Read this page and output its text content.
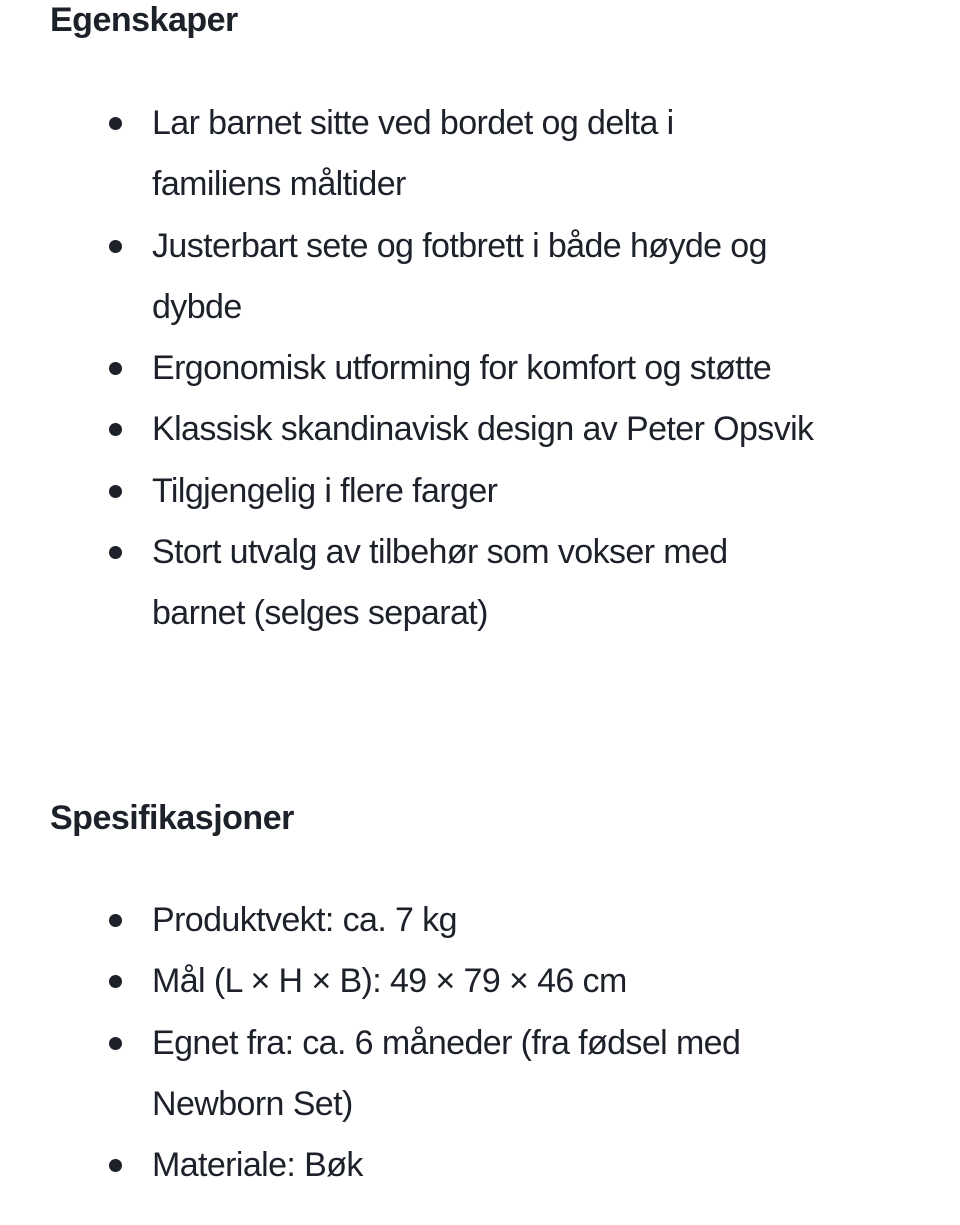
Egenskaper
Lar barnet sitte ved bordet og delta i
familiens måltider
Justerbart sete og fotbrett i både høyde og
dybde
Ergonomisk utforming for komfort og støtte
Klassisk skandinavisk design av Peter Opsvik
Tilgjengelig i flere farger
Stort utvalg av tilbehør som vokser med
barnet (selges separat)
Spesifikasjoner
Produktvekt: ca. 7 kg
Mål (L × H × B): 49 × 79 × 46 cm
Egnet fra: ca. 6 måneder (fra fødsel med
Newborn Set)
Materiale: Bøk
